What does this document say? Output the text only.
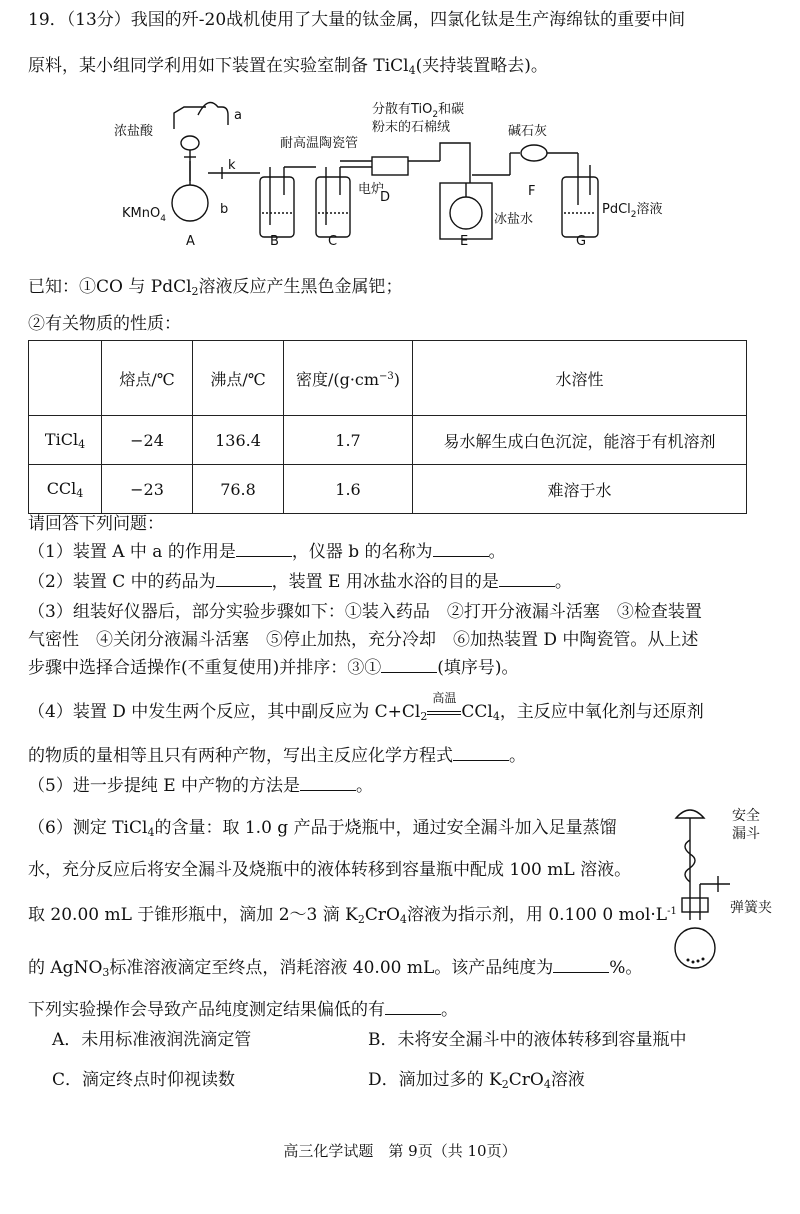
19．（13分）我国的歼-20战机使用了大量的钛金属，四氯化钛是生产海绵钛的重要中间
原料，某小组同学利用如下装置在实验室制备 TiCl$_4$(夹持装置略去)。
浓盐酸
a
k
b
KMnO$_4$
A	B	C
耐高温陶瓷管
电炉
D
分散有TiO$_2$和碳
粉末的石棉绒	碱石灰
F
冰盐水
E
PdCl$_2$溶液
G
已知：①CO 与 PdCl$_2$溶液反应产生黑色金属钯；
②有关物质的性质：
	熔点/℃	沸点/℃	密度$/(g\cdot cm^{-3})$	水溶性
TiCl$_4$	−24	136.4	1.7	易水解生成白色沉淀，能溶于有机溶剂
CCl$_4$	−23	76.8	1.6	难溶于水
请回答下列问题：
（1）装置 A 中 a 的作用是	，仪器 b 的名称为	。
（2）装置 C 中的药品为	，装置 E 用冰盐水浴的目的是	。
（3）组装好仪器后，部分实验步骤如下：①装入药品　②打开分液漏斗活塞　③检查装置
气密性　④关闭分液漏斗活塞　⑤停止加热，充分冷却　⑥加热装置 D 中陶瓷管。从上述
步骤中选择合适操作(不重复使用)并排序：③①	(填序号)。
（4）装置 D 中发生两个反应，其中副反应为 $C+Cl_2$
高温
CCl$_4$，主反应中氧化剂与还原剂
的物质的量相等且只有两种产物，写出主反应化学方程式	。
（5）进一步提纯 E 中产物的方法是	。
（6）测定 TiCl$_4$的含量：取 1.0 g 产品于烧瓶中，通过安全漏斗加入足量蒸馏
水，充分反应后将安全漏斗及烧瓶中的液体转移到容量瓶中配成 100 mL 溶液。
取 20.00 mL 于锥形瓶中，滴加 2～3 滴 $K_2CrO_4$溶液为指示剂，用 0.100 0 $mol\cdot L^{-1}$
的 AgNO$_3$标准溶液滴定至终点，消耗溶液 40.00 mL。该产品纯度为	%。
下列实验操作会导致产品纯度测定结果偏低的有	。
安全
漏斗
弹簧夹
A．未用标准液润洗滴定管	B．未将安全漏斗中的液体转移到容量瓶中
C．滴定终点时仰视读数	D．滴加过多的 $K_2CrO_4$溶液
高三化学试题　第 9页（共 10页）
